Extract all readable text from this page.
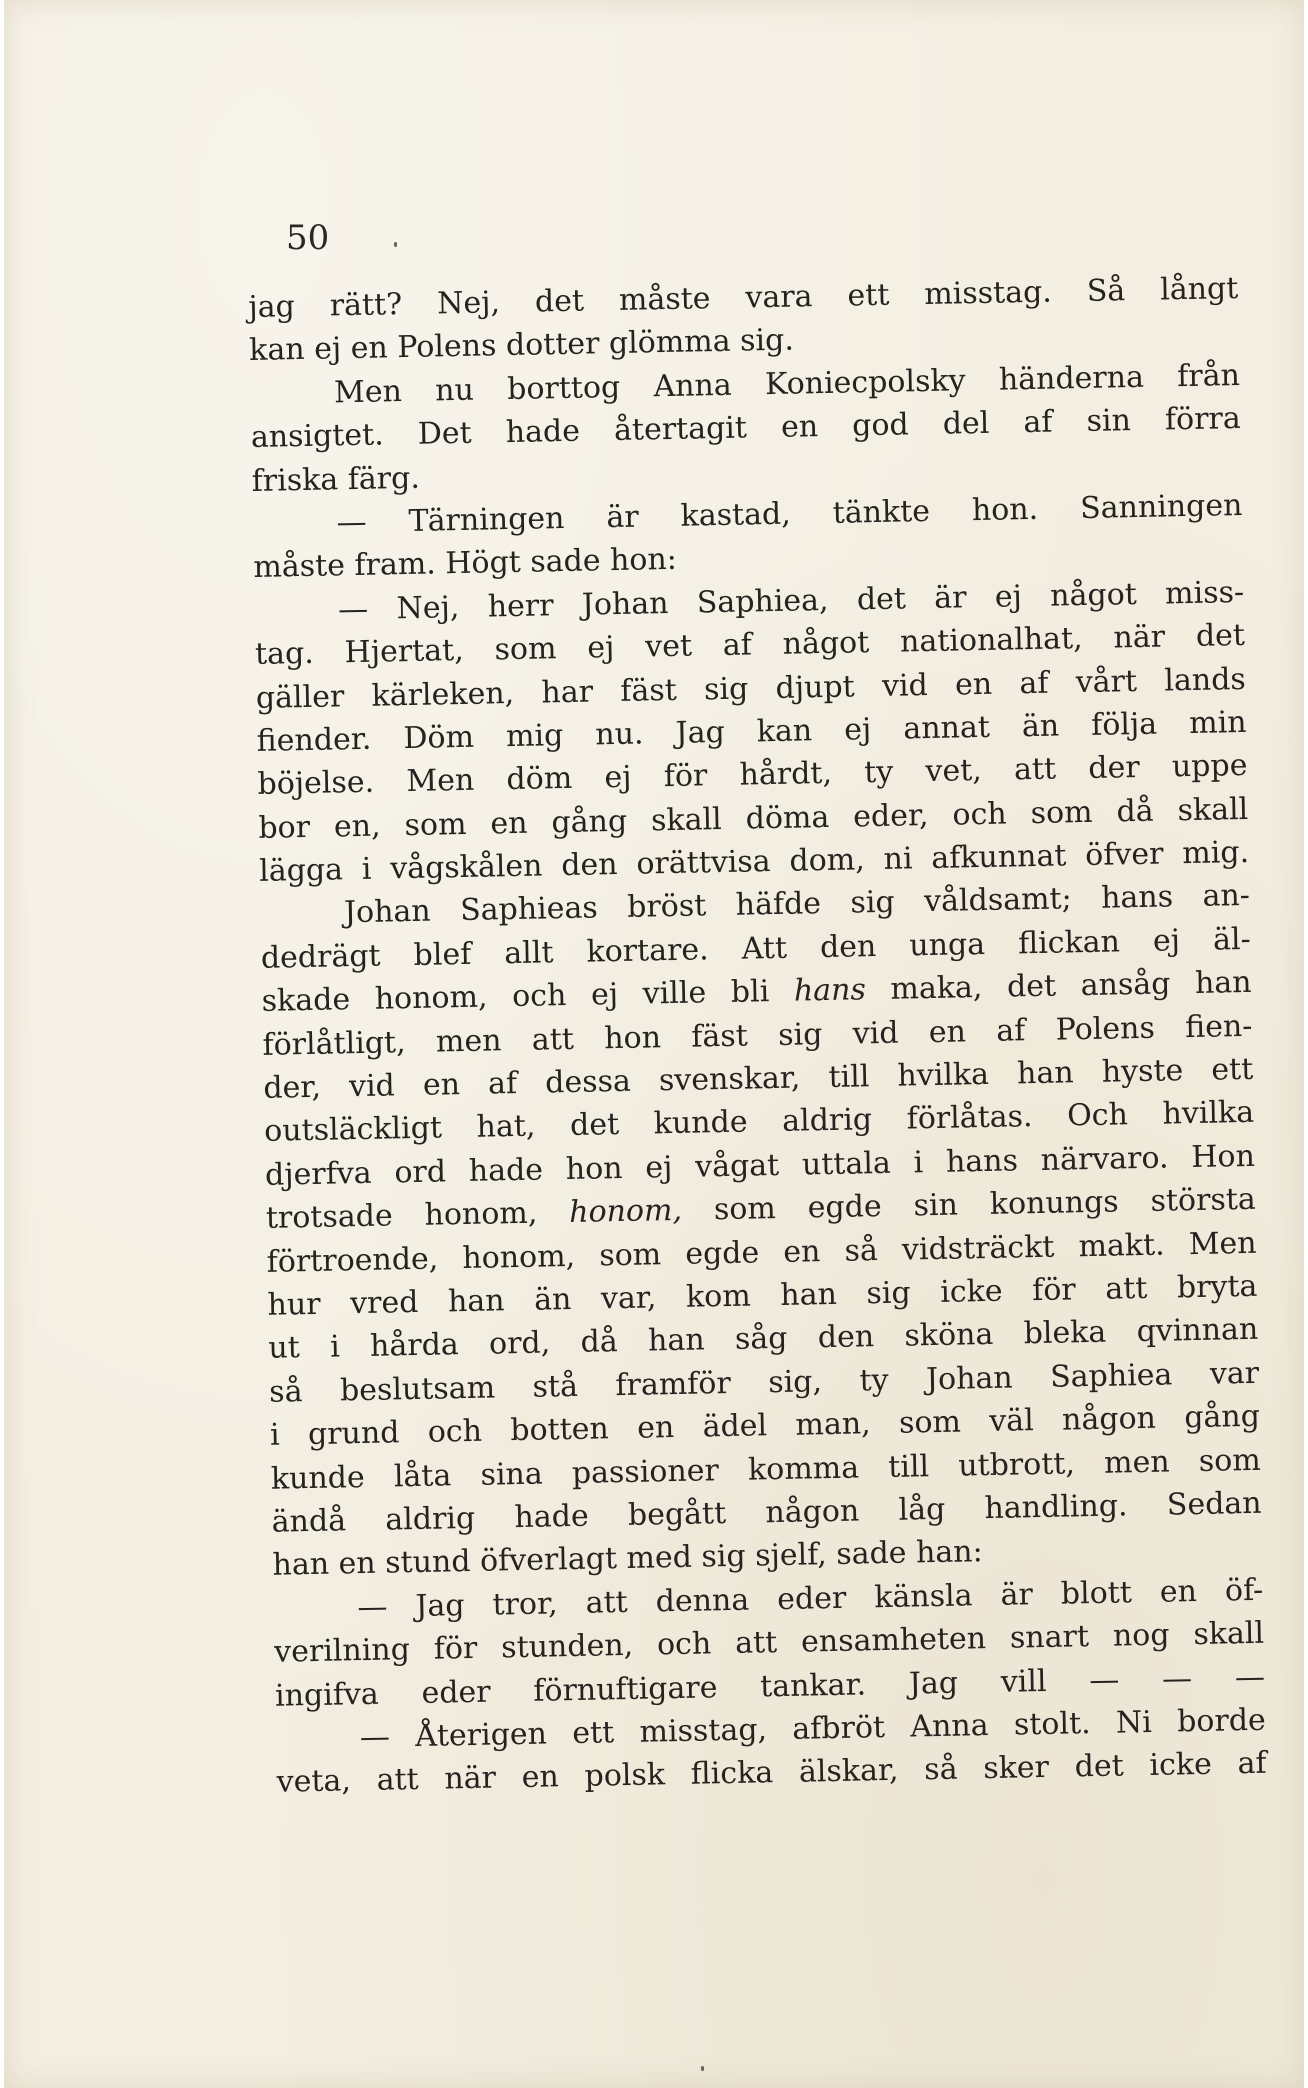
50

jag rätt? Nej, det måste vara ett misstag. Så långt

kan ej en Polens dotter glömma sig.

Men nu borttog Anna Koniecpolsky händerna från

ansigtet. Det hade återtagit en god del af sin förra

friska färg.

— Tärningen är kastad, tänkte hon. Sanningen

måste fram. Högt sade hon:

— Nej, herr Johan Saphiea, det är ej något miss-

tag. Hjertat, som ej vet af något nationalhat, när det

gäller kärleken, har fäst sig djupt vid en af vårt lands

fiender. Döm mig nu. Jag kan ej annat än följa min

böjelse. Men döm ej för hårdt, ty vet, att der uppe

bor en, som en gång skall döma eder, och som då skall

lägga i vågskålen den orättvisa dom, ni afkunnat öfver mig.

Johan Saphieas bröst häfde sig våldsamt; hans an-

dedrägt blef allt kortare. Att den unga flickan ej äl-

skade honom, och ej ville bli hans maka, det ansåg han

förlåtligt, men att hon fäst sig vid en af Polens fien-

der, vid en af dessa svenskar, till hvilka han hyste ett

outsläckligt hat, det kunde aldrig förlåtas. Och hvilka

djerfva ord hade hon ej vågat uttala i hans närvaro. Hon

trotsade honom, honom, som egde sin konungs största

förtroende, honom, som egde en så vidsträckt makt. Men

hur vred han än var, kom han sig icke för att bryta

ut i hårda ord, då han såg den sköna bleka qvinnan

så beslutsam stå framför sig, ty Johan Saphiea var

i grund och botten en ädel man, som väl någon gång

kunde låta sina passioner komma till utbrott, men som

ändå aldrig hade begått någon låg handling. Sedan

han en stund öfverlagt med sig sjelf, sade han:

— Jag tror, att denna eder känsla är blott en öf-

verilning för stunden, och att ensamheten snart nog skall

ingifva eder förnuftigare tankar. Jag vill — — —

— Återigen ett misstag, afbröt Anna stolt. Ni borde

veta, att när en polsk flicka älskar, så sker det icke af
